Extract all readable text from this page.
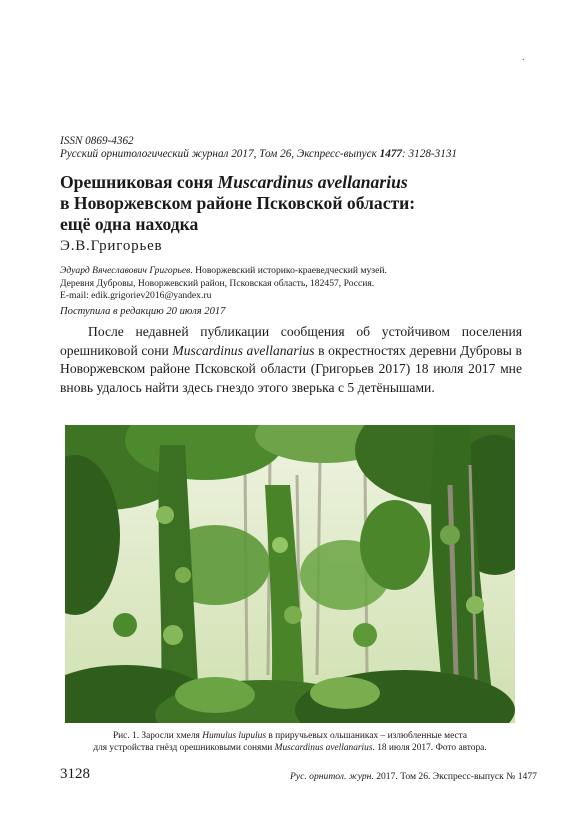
.
ISSN 0869-4362
Русский орнитологический журнал 2017, Том 26, Экспресс-выпуск 1477: 3128-3131
Орешниковая соня Muscardinus avellanarius
в Новоржевском районе Псковской области:
ещё одна находка
Э.В.Григорьев
Эдуард Вячеславович Григорьев. Новоржевский историко-краеведческий музей.
Деревня Дубровы, Новоржевский район, Псковская область, 182457, Россия.
E-mail: edik.grigoriev2016@yandex.ru
Поступила в редакцию 20 июля 2017
После недавней публикации сообщения об устойчивом поселения орешниковой сони Muscardinus avellanarius в окрестностях деревни Дубровы в Новоржевском районе Псковской области (Григорьев 2017) 18 июля 2017 мне вновь удалось найти здесь гнездо этого зверька с 5 детёнышами.
Рис. 1. Заросли хмеля Humulus lupulus в приручьевых ольшаниках – излюбленные места
для устройства гнёзд орешниковыми сонями Muscardinus avellanarius. 18 июля 2017. Фото автора.
3128	Рус. орнитол. журн. 2017. Том 26. Экспресс-выпуск № 1477
